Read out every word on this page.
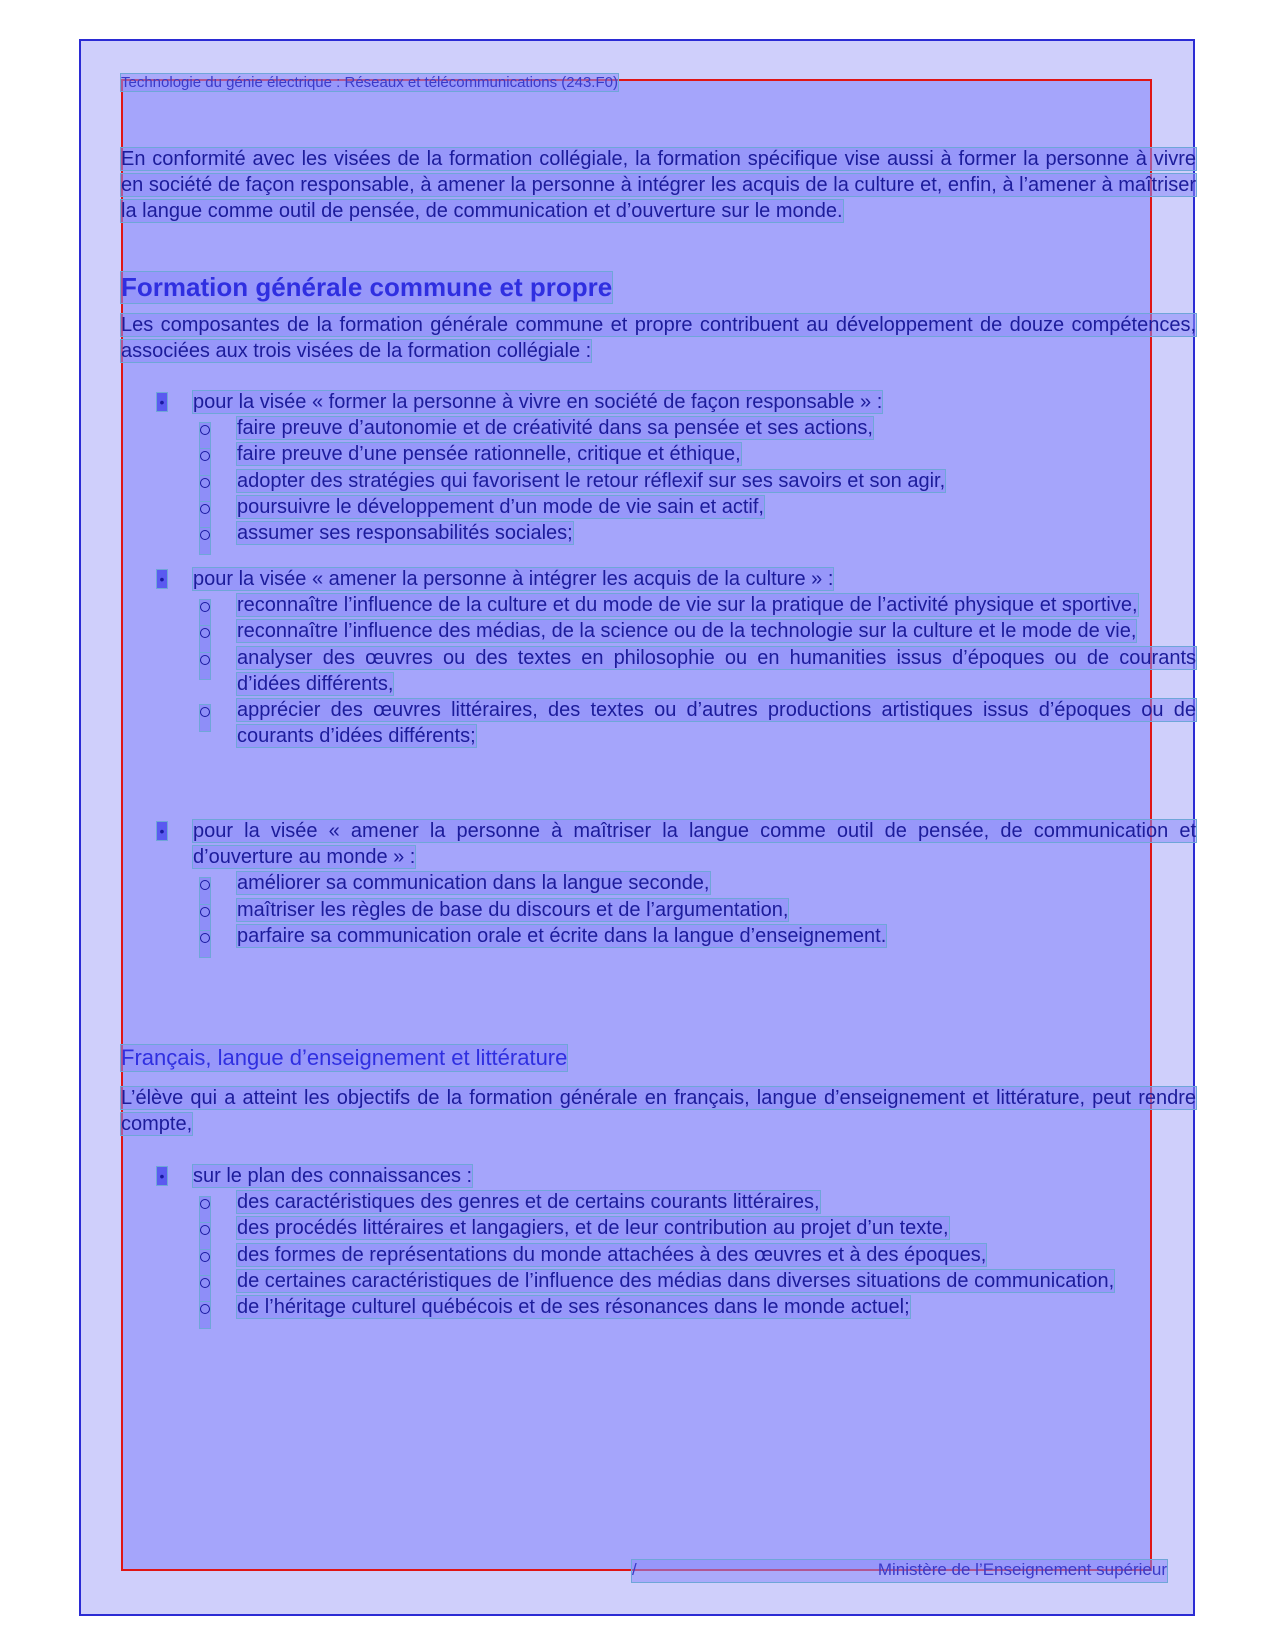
Technologie du génie électrique : Réseaux et télécommunications (243.F0)

En conformité avec les visées de la formation collégiale, la formation spécifique vise aussi à former la personne à vivre en société de façon responsable, à amener la personne à intégrer les acquis de la culture et, enfin, à l’amener à maîtriser la langue comme outil de pensée, de communication et d’ouverture sur le monde.

Formation générale commune et propre

Les composantes de la formation générale commune et propre contribuent au développement de douze compétences, associées aux trois visées de la formation collégiale :

• pour la visée « former la personne à vivre en société de façon responsable » :
faire preuve d’autonomie et de créativité dans sa pensée et ses actions,
faire preuve d’une pensée rationnelle, critique et éthique,
adopter des stratégies qui favorisent le retour réflexif sur ses savoirs et son agir,
poursuivre le développement d’un mode de vie sain et actif,
assumer ses responsabilités sociales;
• pour la visée « amener la personne à intégrer les acquis de la culture » :
reconnaître l’influence de la culture et du mode de vie sur la pratique de l’activité physique et sportive,
reconnaître l’influence des médias, de la science ou de la technologie sur la culture et le mode de vie,
analyser des œuvres ou des textes en philosophie ou en humanities issus d’époques ou de courants d’idées différents,
apprécier des œuvres littéraires, des textes ou d’autres productions artistiques issus d’époques ou de courants d’idées différents;
• pour la visée « amener la personne à maîtriser la langue comme outil de pensée, de communication et d’ouverture au monde » :
améliorer sa communication dans la langue seconde,
maîtriser les règles de base du discours et de l’argumentation,
parfaire sa communication orale et écrite dans la langue d’enseignement.
Français, langue d’enseignement et littérature

L’élève qui a atteint les objectifs de la formation générale en français, langue d’enseignement et littérature, peut rendre compte,

• sur le plan des connaissances :
des caractéristiques des genres et de certains courants littéraires,
des procédés littéraires et langagiers, et de leur contribution au projet d’un texte,
des formes de représentations du monde attachées à des œuvres et à des époques,
de certaines caractéristiques de l’influence des médias dans diverses situations de communication,
de l’héritage culturel québécois et de ses résonances dans le monde actuel;
/	Ministère de l’Enseignement supérieur
